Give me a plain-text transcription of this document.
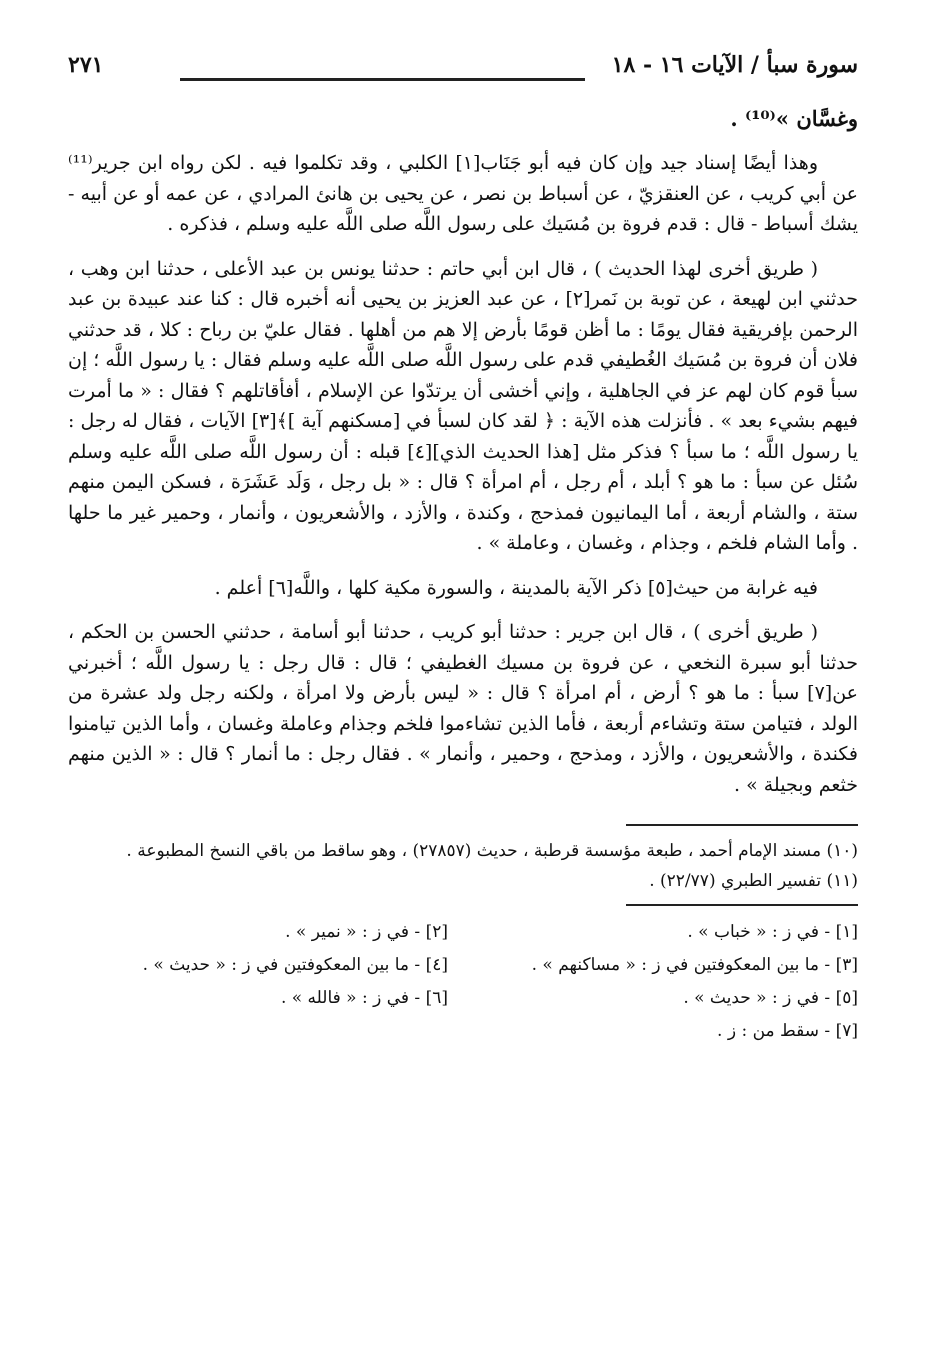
سورة سبأ / الآيات ١٦ - ١٨
٢٧١
وغسَّان »⁽¹⁰⁾ .

وهذا أيضًا إسناد جيد وإن كان فيه أبو جَنَاب[١] الكلبي ، وقد تكلموا فيه . لكن رواه ابن جرير⁽¹¹⁾ عن أبي كريب ، عن العنقزيّ ، عن أسباط بن نصر ، عن يحيى بن هانئ المرادي ، عن عمه أو عن أبيه - يشك أسباط - قال : قدم فروة بن مُسَيك على رسول اللَّه صلى اللَّه عليه وسلم ، فذكره .

( طريق أخرى لهذا الحديث ) ، قال ابن أبي حاتم : حدثنا يونس بن عبد الأعلى ، حدثنا ابن وهب ، حدثني ابن لهيعة ، عن توبة بن نَمر[٢] ، عن عبد العزيز بن يحيى أنه أخبره قال : كنا عند عبيدة بن عبد الرحمن بإفريقية فقال يومًا : ما أظن قومًا بأرض إلا هم من أهلها . فقال عليّ بن رباح : كلا ، قد حدثني فلان أن فروة بن مُسَيك الغُطيفي قدم على رسول اللَّه صلى اللَّه عليه وسلم فقال : يا رسول اللَّه ؛ إن سبأ قوم كان لهم عز في الجاهلية ، وإني أخشى أن يرتدّوا عن الإسلام ، أفأقاتلهم ؟ فقال : « ما أمرت فيهم بشيء بعد » . فأنزلت هذه الآية : ﴿ لقد كان لسبأ في [مسكنهم آية ]﴾[٣] الآيات ، فقال له رجل : يا رسول اللَّه ؛ ما سبأ ؟ فذكر مثل [هذا الحديث الذي][٤] قبله : أن رسول اللَّه صلى اللَّه عليه وسلم سُئل عن سبأ : ما هو ؟ أبلد ، أم رجل ، أم امرأة ؟ قال : « بل رجل ، وَلَد عَشَرَة ، فسكن اليمن منهم ستة ، والشام أربعة ، أما اليمانيون فمذحج ، وكندة ، والأزد ، والأشعريون ، وأنمار ، وحمير غير ما حلها . وأما الشام فلخم ، وجذام ، وغسان ، وعاملة » .

فيه غرابة من حيث[٥] ذكر الآية بالمدينة ، والسورة مكية كلها ، واللَّه[٦] أعلم .

( طريق أخرى ) ، قال ابن جرير : حدثنا أبو كريب ، حدثنا أبو أسامة ، حدثني الحسن بن الحكم ، حدثنا أبو سبرة النخعي ، عن فروة بن مسيك الغطيفي ؛ قال : قال رجل : يا رسول اللَّه ؛ أخبرني عن[٧] سبأ : ما هو ؟ أرض ، أم امرأة ؟ قال : « ليس بأرض ولا امرأة ، ولكنه رجل ولد عشرة من الولد ، فتيامن ستة وتشاءم أربعة ، فأما الذين تشاءموا فلخم وجذام وعاملة وغسان ، وأما الذين تيامنوا فكندة ، والأشعريون ، والأزد ، ومذحج ، وحمير ، وأنمار » . فقال رجل : ما أنمار ؟ قال : « الذين منهم خثعم وبجيلة » .

(١٠) مسند الإمام أحمد ، طبعة مؤسسة قرطبة ، حديث (٢٧٨٥٧) ، وهو ساقط من باقي النسخ المطبوعة .

(١١) تفسير الطبري (٢٢/٧٧) .

[١] - في ز : « خباب » .
[٢] - في ز : « نمير » .
[٣] - ما بين المعكوفتين في ز : « مساكنهم » .
[٤] - ما بين المعكوفتين في ز : « حديث » .
[٥] - في ز : « حديث » .
[٦] - في ز : « فالله » .
[٧] - سقط من : ز .
